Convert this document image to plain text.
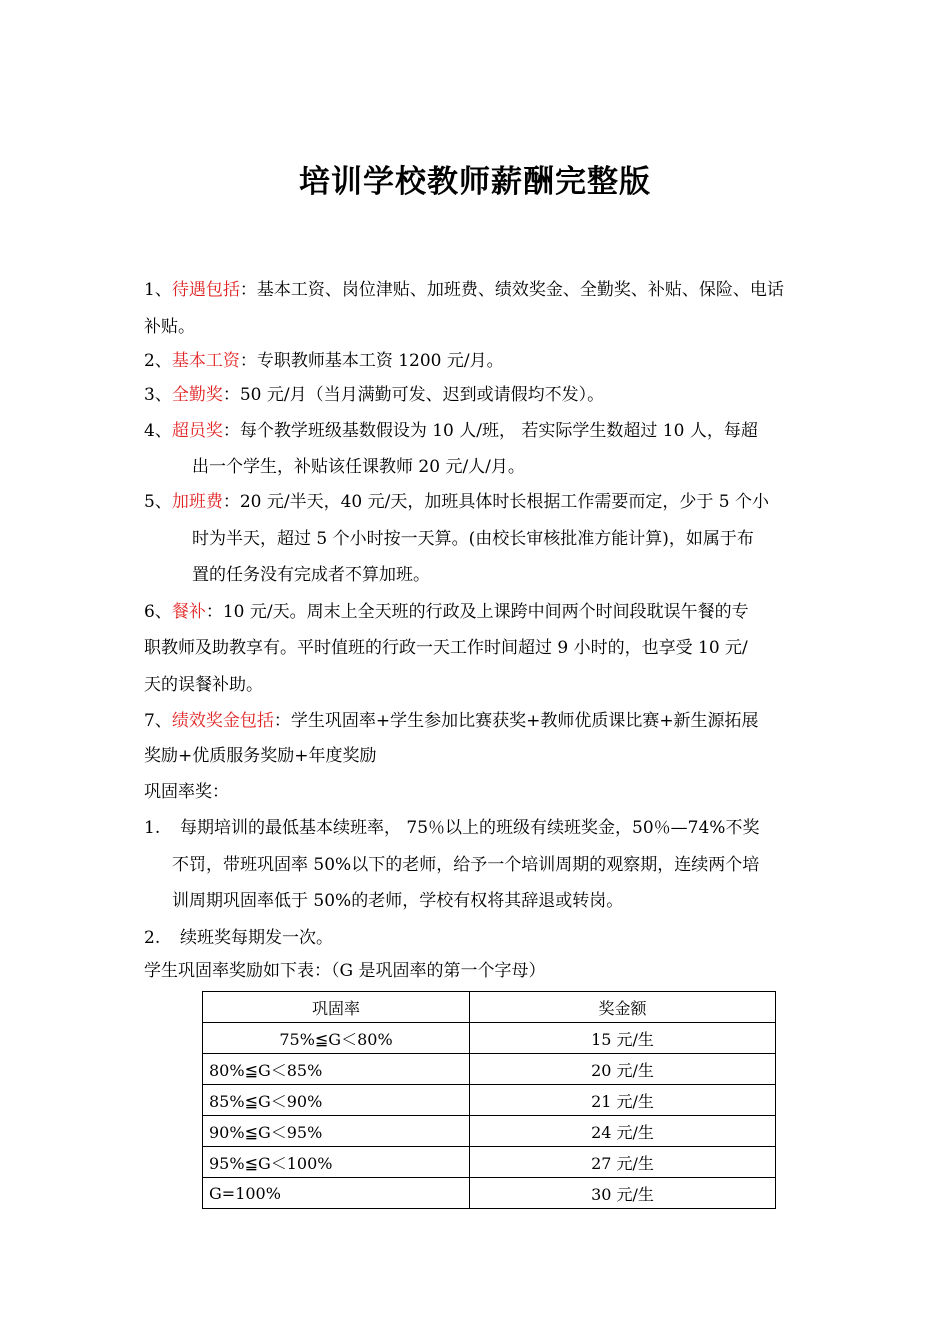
培训学校教师薪酬完整版
1、待遇包括：基本工资、岗位津贴、加班费、绩效奖金、全勤奖、补贴、保险、电话
补贴。
2、基本工资：专职教师基本工资 1200 元/月。
3、全勤奖：50 元/月（当月满勤可发、迟到或请假均不发）。
4、超员奖：每个教学班级基数假设为 10 人/班， 若实际学生数超过 10 人，每超
出一个学生，补贴该任课教师 20 元/人/月。
5、加班费：20 元/半天，40 元/天，加班具体时长根据工作需要而定，少于 5 个小
时为半天，超过 5 个小时按一天算。(由校长审核批准方能计算)，如属于布
置的任务没有完成者不算加班。
6、餐补：10 元/天。周末上全天班的行政及上课跨中间两个时间段耽误午餐的专
职教师及助教享有。平时值班的行政一天工作时间超过 9 小时的，也享受 10 元/
天的误餐补助。
7、绩效奖金包括：学生巩固率+学生参加比赛获奖+教师优质课比赛+新生源拓展
奖励+优质服务奖励+年度奖励
巩固率奖：
1. 每期培训的最低基本续班率， 75％以上的班级有续班奖金，50％—74%不奖
不罚，带班巩固率 50%以下的老师，给予一个培训周期的观察期，连续两个培
训周期巩固率低于 50%的老师，学校有权将其辞退或转岗。
2. 续班奖每期发一次。
学生巩固率奖励如下表：（G 是巩固率的第一个字母）
巩固率	奖金额
75%≦G＜80%	15 元/生
80%≦G＜85%	20 元/生
85%≦G＜90%	21 元/生
90%≦G＜95%	24 元/生
95%≦G＜100%	27 元/生
G=100%	30 元/生
